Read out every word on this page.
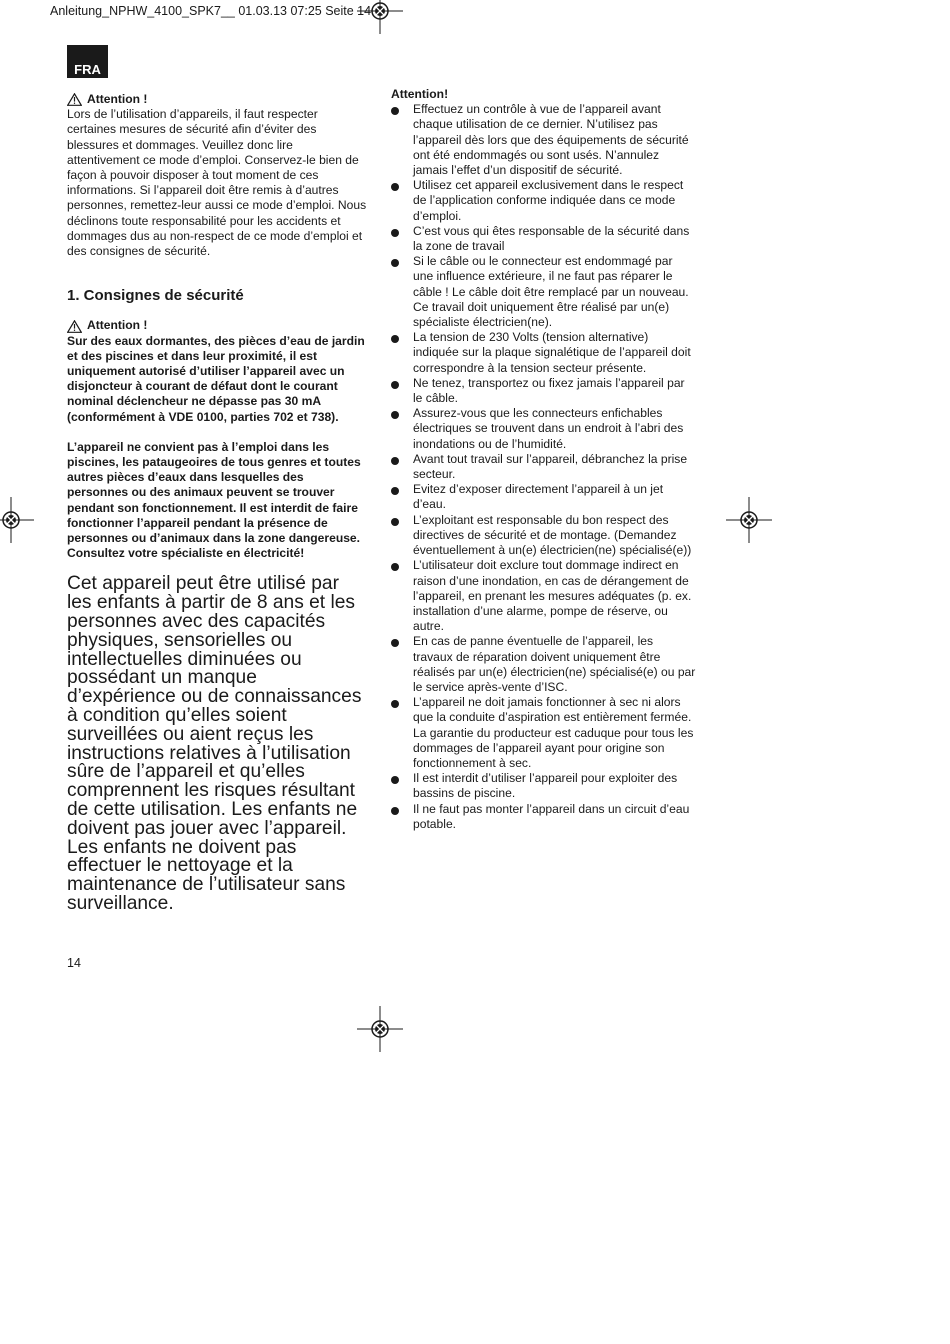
Anleitung_NPHW_4100_SPK7__ 01.03.13 07:25 Seite 14
FRA
Attention !

Lors de l’utilisation d’appareils, il faut respecter certaines mesures de sécurité afin d’éviter des blessures et dommages. Veuillez donc lire attentivement ce mode d’emploi. Conservez-le bien de façon à pouvoir disposer à tout moment de ces informations. Si l’appareil doit être remis à d’autres personnes, remettez-leur aussi ce mode d’emploi. Nous déclinons toute responsabilité pour les accidents et dommages dus au non-respect de ce mode d’emploi et des consignes de sécurité.

1. Consignes de sécurité
Attention !

Sur des eaux dormantes, des pièces d’eau de jardin et des piscines et dans leur proximité, il est uniquement autorisé d’utiliser l’appareil avec un disjoncteur à courant de défaut dont le courant nominal déclencheur ne dépasse pas 30 mA (conformément à VDE 0100, parties 702 et 738).

L’appareil ne convient pas à l’emploi dans les piscines, les pataugeoires de tous genres et toutes autres pièces d’eaux dans lesquelles des personnes ou des animaux peuvent se trouver pendant son fonctionnement. Il est interdit de faire fonctionner l’appareil pendant la présence de personnes ou d’animaux dans la zone dangereuse. Consultez votre spécialiste en électricité!

Cet appareil peut être utilisé par les enfants à partir de 8 ans et les personnes avec des capacités physiques, sensorielles ou intellectuelles diminuées ou possédant un manque d’expérience ou de connaissances à condition qu’elles soient surveillées ou aient reçus les instructions relatives à l’utilisation sûre de l’appareil et qu’elles comprennent les risques résultant de cette utilisation. Les enfants ne doivent pas jouer avec l’appareil. Les enfants ne doivent pas effectuer le nettoyage et la maintenance de l’utilisateur sans surveillance.

Attention!
Effectuez un contrôle à vue de l’appareil avant chaque utilisation de ce dernier. N’utilisez pas l’appareil dès lors que des équipements de sécurité ont été endommagés ou sont usés. N’annulez jamais l’effet d’un dispositif de sécurité.
Utilisez cet appareil exclusivement dans le respect de l’application conforme indiquée dans ce mode d’emploi.
C’est vous qui êtes responsable de la sécurité dans la zone de travail
Si le câble ou le connecteur est endommagé par une influence extérieure, il ne faut pas réparer le câble ! Le câble doit être remplacé par un nouveau. Ce travail doit uniquement être réalisé par un(e) spécialiste électricien(ne).
La tension de 230 Volts (tension alternative) indiquée sur la plaque signalétique de l’appareil doit correspondre à la tension secteur présente.
Ne tenez, transportez ou fixez jamais l’appareil par le câble.
Assurez-vous que les connecteurs enfichables électriques se trouvent dans un endroit à l’abri des inondations ou de l’humidité.
Avant tout travail sur l’appareil, débranchez la prise secteur.
Evitez d’exposer directement l’appareil à un jet d’eau.
L’exploitant est responsable du bon respect des directives de sécurité et de montage. (Demandez éventuellement à un(e) électricien(ne) spécialisé(e))
L’utilisateur doit exclure tout dommage indirect en raison d’une inondation, en cas de dérangement de l’appareil, en prenant les mesures adéquates (p. ex. installation d’une alarme, pompe de réserve, ou autre.
En cas de panne éventuelle de l’appareil, les travaux de réparation doivent uniquement être réalisés par un(e) électricien(ne) spécialisé(e) ou par le service après-vente d’ISC.
L’appareil ne doit jamais fonctionner à sec ni alors que la conduite d’aspiration est entièrement fermée. La garantie du producteur est caduque pour tous les dommages de l’appareil ayant pour origine son fonctionnement à sec.
Il est interdit d’utiliser l’appareil pour exploiter des bassins de piscine.
Il ne faut pas monter l’appareil dans un circuit d’eau potable.
14
